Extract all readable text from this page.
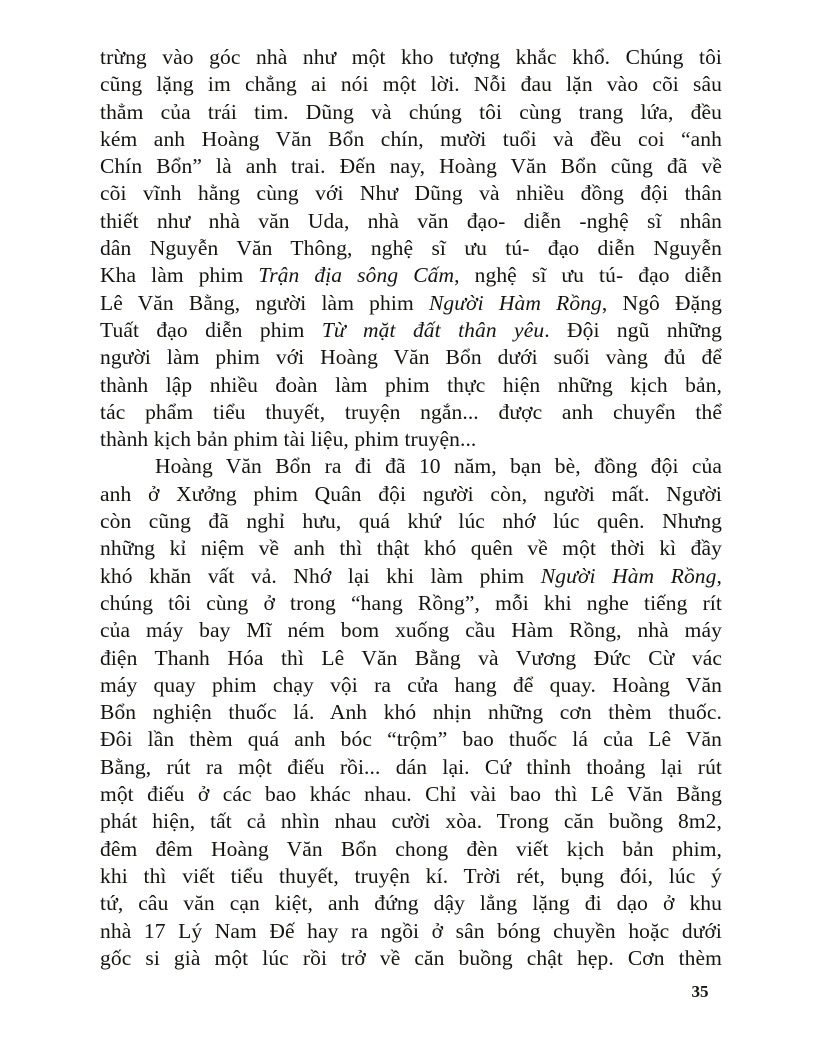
trừng vào góc nhà như một kho tượng khắc khổ. Chúng tôi
cũng lặng im chẳng ai nói một lời. Nỗi đau lặn vào cõi sâu
thẳm của trái tim. Dũng và chúng tôi cùng trang lứa, đều
kém anh Hoàng Văn Bổn chín, mười tuổi và đều coi “anh
Chín Bổn” là anh trai. Đến nay, Hoàng Văn Bổn cũng đã về
cõi vĩnh hằng cùng với Như Dũng và nhiều đồng đội thân
thiết như nhà văn Uda, nhà văn đạo- diễn -nghệ sĩ nhân
dân Nguyễn Văn Thông, nghệ sĩ ưu tú- đạo diễn Nguyễn
Kha làm phim Trận địa sông Cấm, nghệ sĩ ưu tú- đạo diễn
Lê Văn Bằng, người làm phim Người Hàm Rồng, Ngô Đặng
Tuất đạo diễn phim Từ mặt đất thân yêu. Đội ngũ những
người làm phim với Hoàng Văn Bổn dưới suối vàng đủ để
thành lập nhiều đoàn làm phim thực hiện những kịch bản,
tác phẩm tiểu thuyết, truyện ngắn... được anh chuyển thể
thành kịch bản phim tài liệu, phim truyện...
Hoàng Văn Bổn ra đi đã 10 năm, bạn bè, đồng đội của
anh ở Xưởng phim Quân đội người còn, người mất. Người
còn cũng đã nghỉ hưu, quá khứ lúc nhớ lúc quên. Nhưng
những kỉ niệm về anh thì thật khó quên về một thời kì đầy
khó khăn vất vả. Nhớ lại khi làm phim Người Hàm Rồng,
chúng tôi cùng ở trong “hang Rồng”, mỗi khi nghe tiếng rít
của máy bay Mĩ ném bom xuống cầu Hàm Rồng, nhà máy
điện Thanh Hóa thì Lê Văn Bằng và Vương Đức Cừ vác
máy quay phim chạy vội ra cửa hang để quay. Hoàng Văn
Bổn nghiện thuốc lá. Anh khó nhịn những cơn thèm thuốc.
Đôi lần thèm quá anh bóc “trộm” bao thuốc lá của Lê Văn
Bằng, rút ra một điếu rồi... dán lại. Cứ thỉnh thoảng lại rút
một điếu ở các bao khác nhau. Chỉ vài bao thì Lê Văn Bằng
phát hiện, tất cả nhìn nhau cười xòa. Trong căn buồng 8m2,
đêm đêm Hoàng Văn Bổn chong đèn viết kịch bản phim,
khi thì viết tiểu thuyết, truyện kí. Trời rét, bụng đói, lúc ý
tứ, câu văn cạn kiệt, anh đứng dậy lẳng lặng đi dạo ở khu
nhà 17 Lý Nam Đế hay ra ngồi ở sân bóng chuyền hoặc dưới
gốc si già một lúc rồi trở về căn buồng chật hẹp. Cơn thèm
35
